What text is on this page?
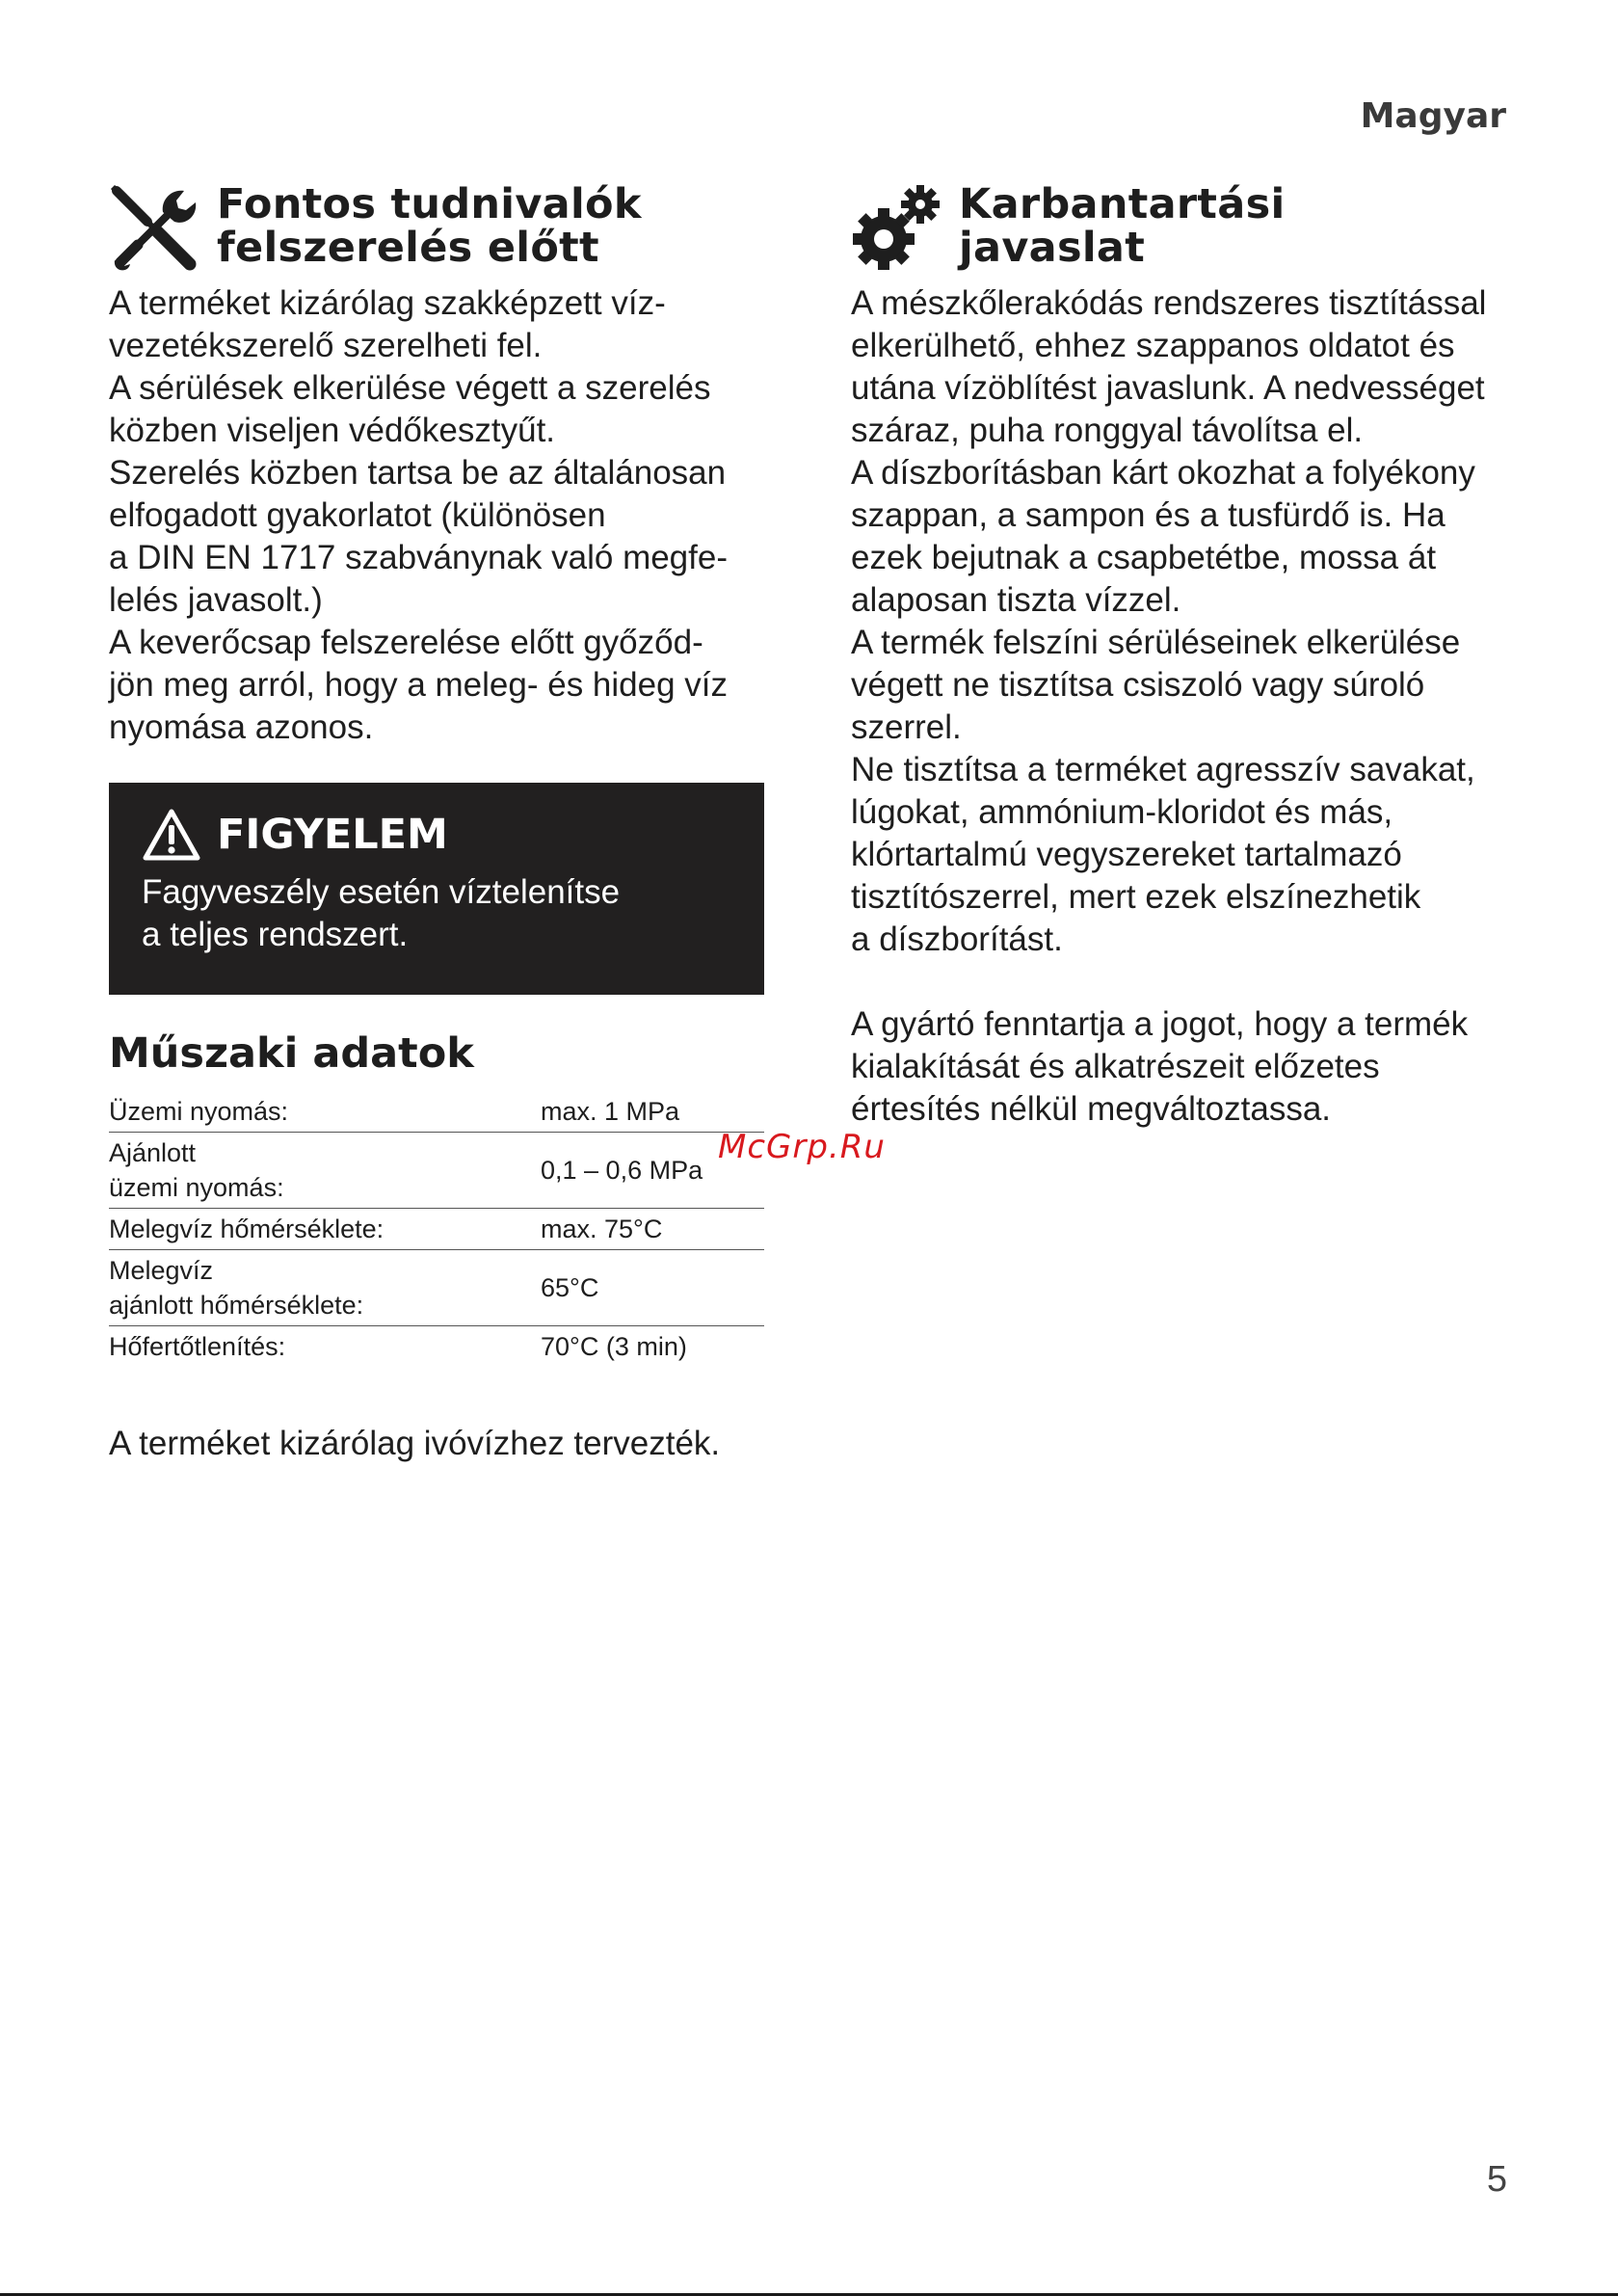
Magyar
Fontos tudnivalók
felszerelés előtt
A terméket kizárólag szakképzett víz-
vezetékszerelő szerelheti fel.
A sérülések elkerülése végett a szerelés
közben viseljen védőkesztyűt.
Szerelés közben tartsa be az általánosan
elfogadott gyakorlatot (különösen
a DIN EN 1717 szabványnak való megfe-
lelés javasolt.)
A keverőcsap felszerelése előtt győződ-
jön meg arról, hogy a meleg- és hideg víz
nyomása azonos.
FIGYELEM
Fagyveszély esetén víztelenítse
a teljes rendszert.
Műszaki adatok
Üzemi nyomás:	max. 1 MPa

Ajánlott
üzemi nyomás:	0,1 – 0,6 MPa

Melegvíz hőmérséklete:	max. 75°C

Melegvíz
ajánlott hőmérséklete:	65°C

Hőfertőtlenítés:	70°C (3 min)
A terméket kizárólag ivóvízhez tervezték.
Karbantartási
javaslat
A mészkőlerakódás rendszeres tisztítással
elkerülhető, ehhez szappanos oldatot és
utána vízöblítést javaslunk. A nedvességet
száraz, puha ronggyal távolítsa el.
A díszborításban kárt okozhat a folyékony
szappan, a sampon és a tusfürdő is. Ha
ezek bejutnak a csapbetétbe, mossa át
alaposan tiszta vízzel.
A termék felszíni sérüléseinek elkerülése
végett ne tisztítsa csiszoló vagy súroló
szerrel.
Ne tisztítsa a terméket agresszív savakat,
lúgokat, ammónium-kloridot és más,
klórtartalmú vegyszereket tartalmazó
tisztítószerrel, mert ezek elszínezhetik
a díszborítást.
A gyártó fenntartja a jogot, hogy a termék
kialakítását és alkatrészeit előzetes
értesítés nélkül megváltoztassa.
McGrp.Ru
5
